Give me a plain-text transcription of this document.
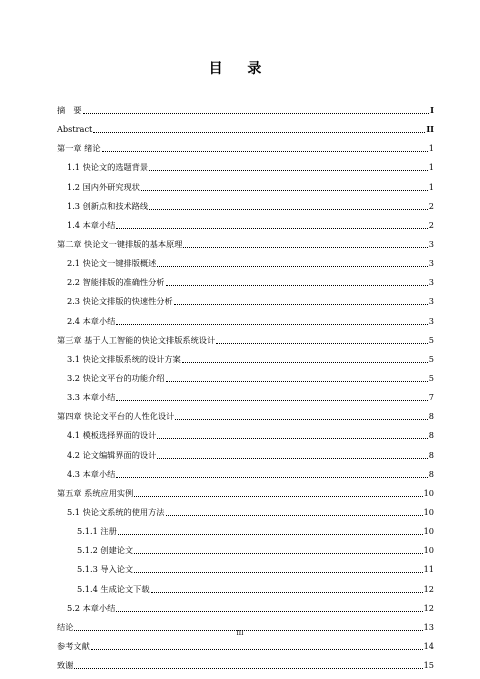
目 录
摘　要	I
Abstract	II
第一章 绪论	1
1.1 快论文的选题背景	1
1.2 国内外研究现状	1
1.3 创新点和技术路线	2
1.4 本章小结	2
第二章 快论文一键排版的基本原理	3
2.1 快论文一键排版概述	3
2.2 智能排版的准确性分析	3
2.3 快论文排版的快速性分析	3
2.4 本章小结	3
第三章 基于人工智能的快论文排版系统设计	5
3.1 快论文排版系统的设计方案	5
3.2 快论文平台的功能介绍	5
3.3 本章小结	7
第四章 快论文平台的人性化设计	8
4.1 模板选择界面的设计	8
4.2 论文编辑界面的设计	8
4.3 本章小结	8
第五章 系统应用实例	10
5.1 快论文系统的使用方法	10
5.1.1 注册	10
5.1.2 创建论文	10
5.1.3 导入论文	11
5.1.4 生成论文下载	12
5.2 本章小结	12
结论	13
参考文献	14
致谢	15
III
